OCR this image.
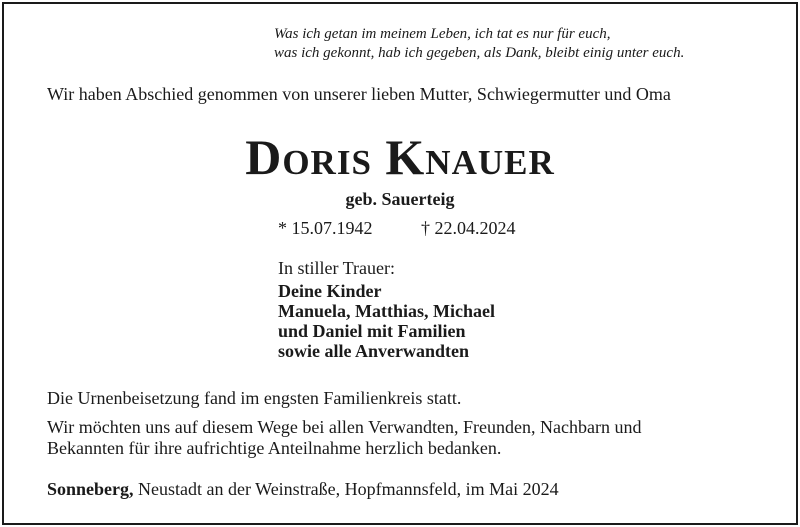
Was ich getan im meinem Leben, ich tat es nur für euch,
was ich gekonnt, hab ich gegeben, als Dank, bleibt einig unter euch.
Wir haben Abschied genommen von unserer lieben Mutter, Schwiegermutter und Oma
Doris Knauer
geb. Sauerteig
* 15.07.1942	† 22.04.2024
In stiller Trauer:
Deine Kinder
Manuela, Matthias, Michael
und Daniel mit Familien
sowie alle Anverwandten
Die Urnenbeisetzung fand im engsten Familienkreis statt.
Wir möchten uns auf diesem Wege bei allen Verwandten, Freunden, Nachbarn und
Bekannten für ihre aufrichtige Anteilnahme herzlich bedanken.
Sonneberg, Neustadt an der Weinstraße, Hopfmannsfeld, im Mai 2024
